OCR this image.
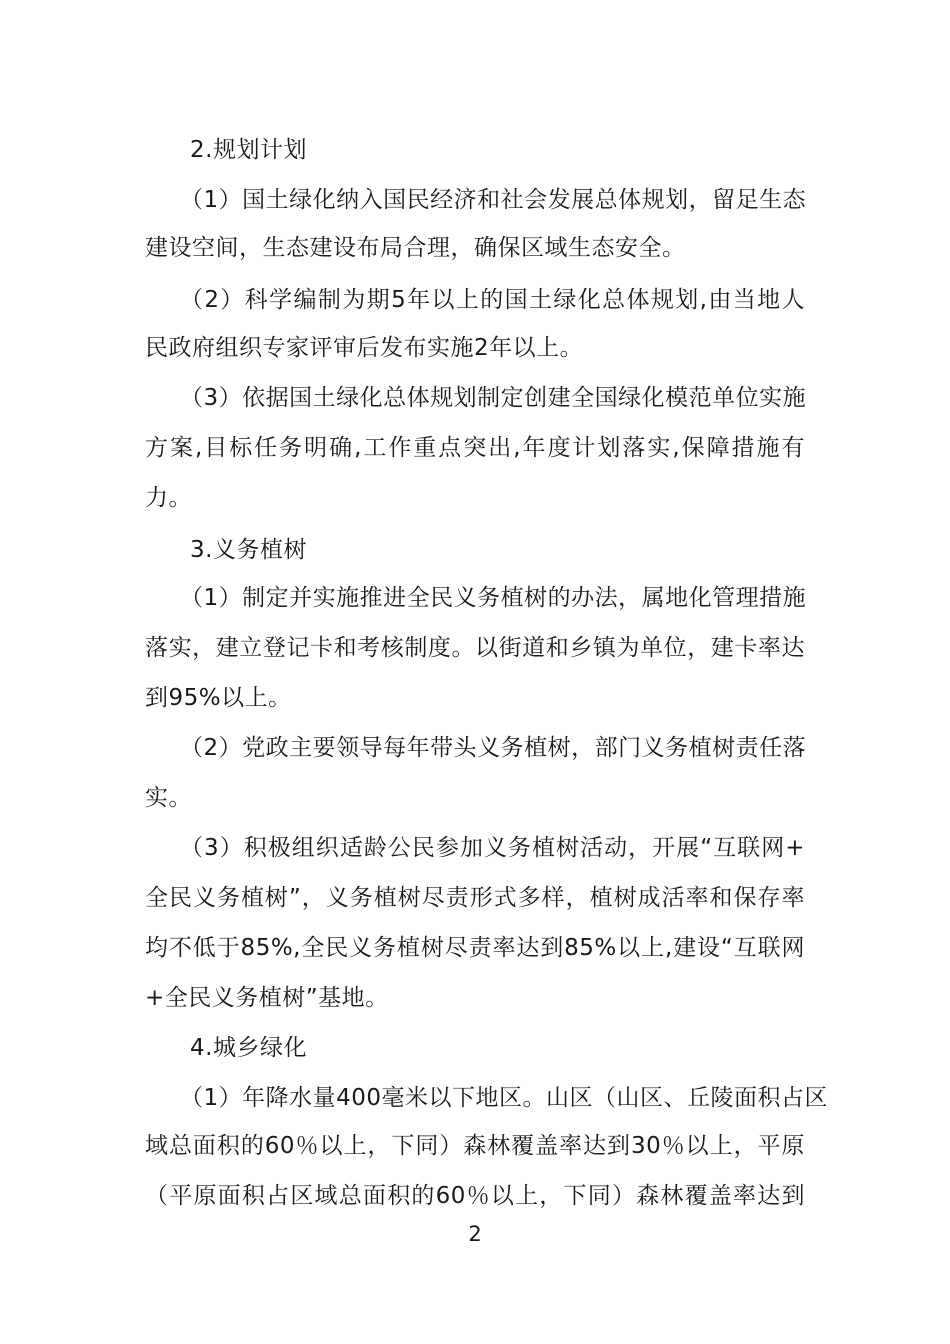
2.规划计划
（1）国土绿化纳入国民经济和社会发展总体规划，留足生态
建设空间，生态建设布局合理，确保区域生态安全。
（2）科学编制为期5年以上的国土绿化总体规划,由当地人
民政府组织专家评审后发布实施2年以上。
（3）依据国土绿化总体规划制定创建全国绿化模范单位实施
方案,目标任务明确,工作重点突出,年度计划落实,保障措施有
力。
3.义务植树
（1）制定并实施推进全民义务植树的办法，属地化管理措施
落实，建立登记卡和考核制度。以街道和乡镇为单位，建卡率达
到95%以上。
（2）党政主要领导每年带头义务植树，部门义务植树责任落
实。
（3）积极组织适龄公民参加义务植树活动，开展“互联网+
全民义务植树”，义务植树尽责形式多样，植树成活率和保存率
均不低于85%,全民义务植树尽责率达到85%以上,建设“互联网
+全民义务植树”基地。
4.城乡绿化
（1）年降水量400毫米以下地区。山区（山区、丘陵面积占区
域总面积的60％以上，下同）森林覆盖率达到30％以上，平原
（平原面积占区域总面积的60％以上，下同）森林覆盖率达到
2
